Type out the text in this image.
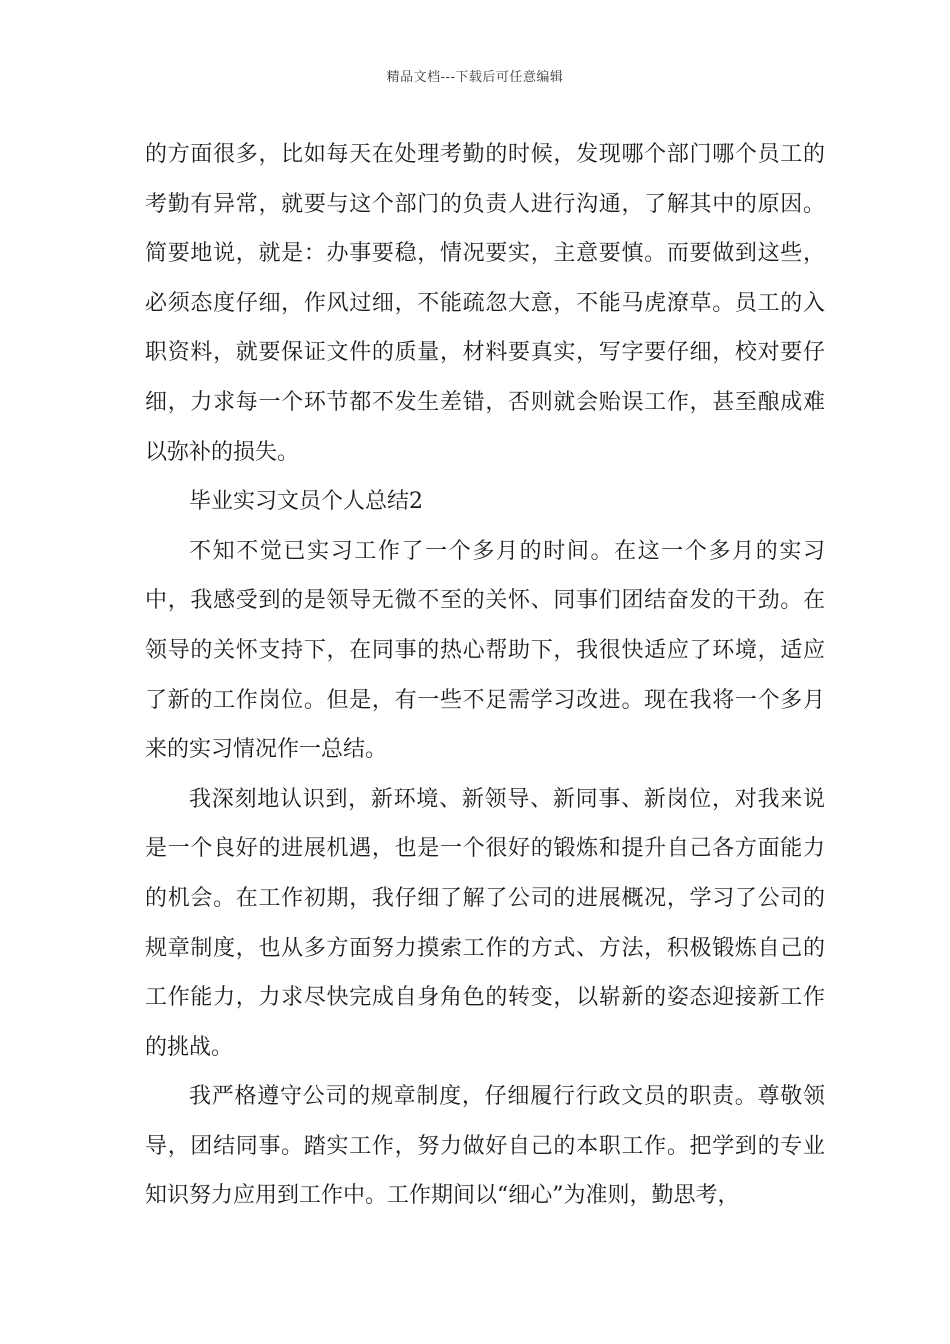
精品文档---下载后可任意编辑

的方面很多，比如每天在处理考勤的时候，发现哪个部门哪个员工的考勤有异常，就要与这个部门的负责人进行沟通，了解其中的原因。简要地说，就是：办事要稳，情况要实，主意要慎。而要做到这些，必须态度仔细，作风过细，不能疏忽大意，不能马虎潦草。员工的入职资料，就要保证文件的质量，材料要真实，写字要仔细，校对要仔细，力求每一个环节都不发生差错，否则就会贻误工作，甚至酿成难以弥补的损失。

毕业实习文员个人总结2

不知不觉已实习工作了一个多月的时间。在这一个多月的实习中，我感受到的是领导无微不至的关怀、同事们团结奋发的干劲。在领导的关怀支持下，在同事的热心帮助下，我很快适应了环境，适应了新的工作岗位。但是，有一些不足需学习改进。现在我将一个多月来的实习情况作一总结。

我深刻地认识到，新环境、新领导、新同事、新岗位，对我来说是一个良好的进展机遇，也是一个很好的锻炼和提升自己各方面能力的机会。在工作初期，我仔细了解了公司的进展概况，学习了公司的规章制度，也从多方面努力摸索工作的方式、方法，积极锻炼自己的工作能力，力求尽快完成自身角色的转变，以崭新的姿态迎接新工作的挑战。

我严格遵守公司的规章制度，仔细履行行政文员的职责。尊敬领导，团结同事。踏实工作，努力做好自己的本职工作。把学到的专业知识努力应用到工作中。工作期间以“细心”为准则，勤思考，
